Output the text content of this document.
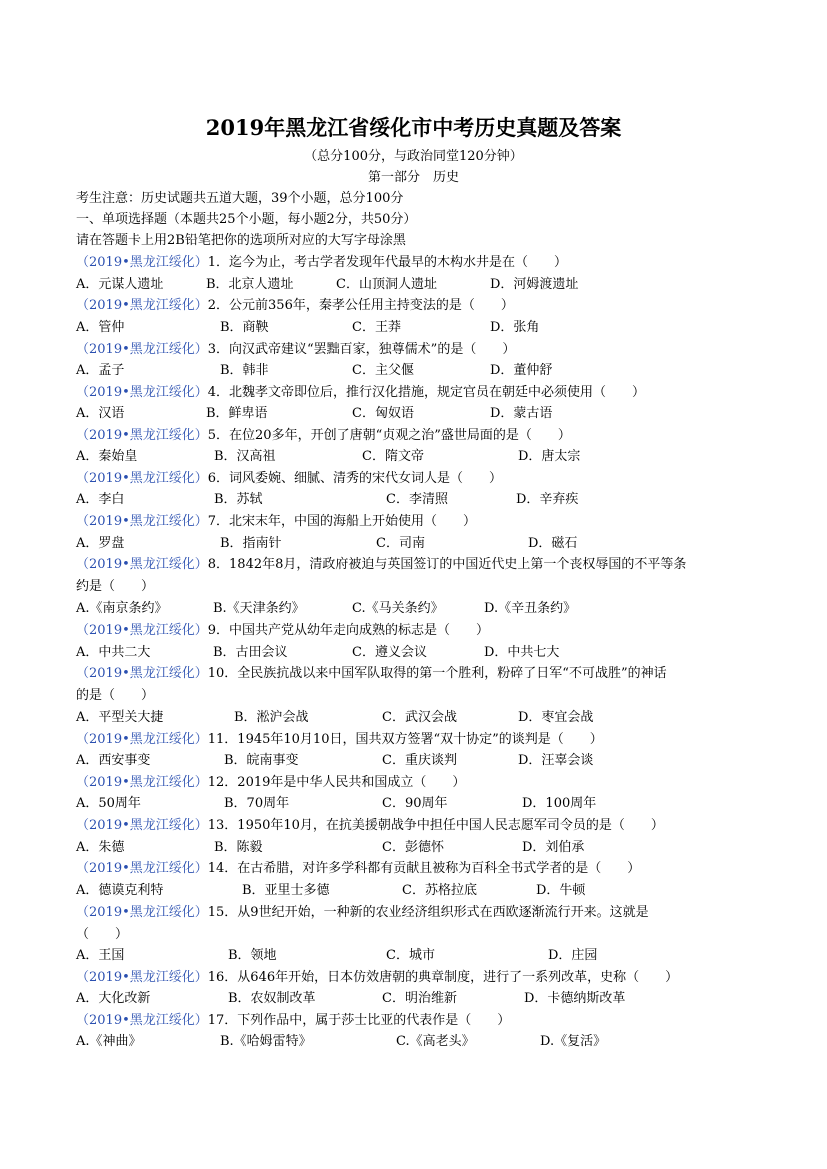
2019年黑龙江省绥化市中考历史真题及答案
（总分100分，与政治同堂120分钟）
第一部分　历史
考生注意：历史试题共五道大题，39个小题，总分100分
一、单项选择题（本题共25个小题，每小题2分，共50分）
请在答题卡上用2B铅笔把你的选项所对应的大写字母涂黑
（2019•黑龙江绥化）1．迄今为止，考古学者发现年代最早的木构水井是在（　　）
A．元谋人遗址	B．北京人遗址	C．山顶洞人遗址	D．河姆渡遗址
（2019•黑龙江绥化）2．公元前356年，秦孝公任用主持变法的是（　　）
A．管仲	B．商鞅	C．王莽	D．张角
（2019•黑龙江绥化）3．向汉武帝建议“罢黜百家，独尊儒术”的是（　　）
A．孟子	B．韩非	C．主父偃	D．董仲舒
（2019•黑龙江绥化）4．北魏孝文帝即位后，推行汉化措施，规定官员在朝廷中必须使用（　　）
A．汉语	B．鲜卑语	C．匈奴语	D．蒙古语
（2019•黑龙江绥化）5．在位20多年，开创了唐朝“贞观之治”盛世局面的是（　　）
A．秦始皇	B．汉高祖	C．隋文帝	D．唐太宗
（2019•黑龙江绥化）6．词风委婉、细腻、清秀的宋代女词人是（　　）
A．李白	B．苏轼	C．李清照	D．辛弃疾
（2019•黑龙江绥化）7．北宋末年，中国的海船上开始使用（　　）
A．罗盘	B．指南针	C．司南	D．磁石
（2019•黑龙江绥化）8．1842年8月，清政府被迫与英国签订的中国近代史上第一个丧权辱国的不平等条
约是（　　）
A.《南京条约》	B.《天津条约》	C.《马关条约》	D.《辛丑条约》
（2019•黑龙江绥化）9．中国共产党从幼年走向成熟的标志是（　　）
A．中共二大	B．古田会议	C．遵义会议	D．中共七大
（2019•黑龙江绥化）10．全民族抗战以来中国军队取得的第一个胜利，粉碎了日军“不可战胜”的神话
的是（　　）
A．平型关大捷	B．淞沪会战	C．武汉会战	D．枣宜会战
（2019•黑龙江绥化）11．1945年10月10日，国共双方签署“双十协定”的谈判是（　　）
A．西安事变	B．皖南事变	C．重庆谈判	D．汪辜会谈
（2019•黑龙江绥化）12．2019年是中华人民共和国成立（　　）
A．50周年	B．70周年	C．90周年	D．100周年
（2019•黑龙江绥化）13．1950年10月，在抗美援朝战争中担任中国人民志愿军司令员的是（　　）
A．朱德	B．陈毅	C．彭德怀	D．刘伯承
（2019•黑龙江绥化）14．在古希腊，对许多学科都有贡献且被称为百科全书式学者的是（　　）
A．德谟克利特	B．亚里士多德	C．苏格拉底	D．牛顿
（2019•黑龙江绥化）15．从9世纪开始，一种新的农业经济组织形式在西欧逐渐流行开来。这就是
（　　）
A．王国	B．领地	C．城市	D．庄园
（2019•黑龙江绥化）16．从646年开始，日本仿效唐朝的典章制度，进行了一系列改革，史称（　　）
A．大化改新	B．农奴制改革	C．明治维新	D．卡德纳斯改革
（2019•黑龙江绥化）17．下列作品中，属于莎士比亚的代表作是（　　）
A.《神曲》	B.《哈姆雷特》	C.《高老头》	D.《复活》
